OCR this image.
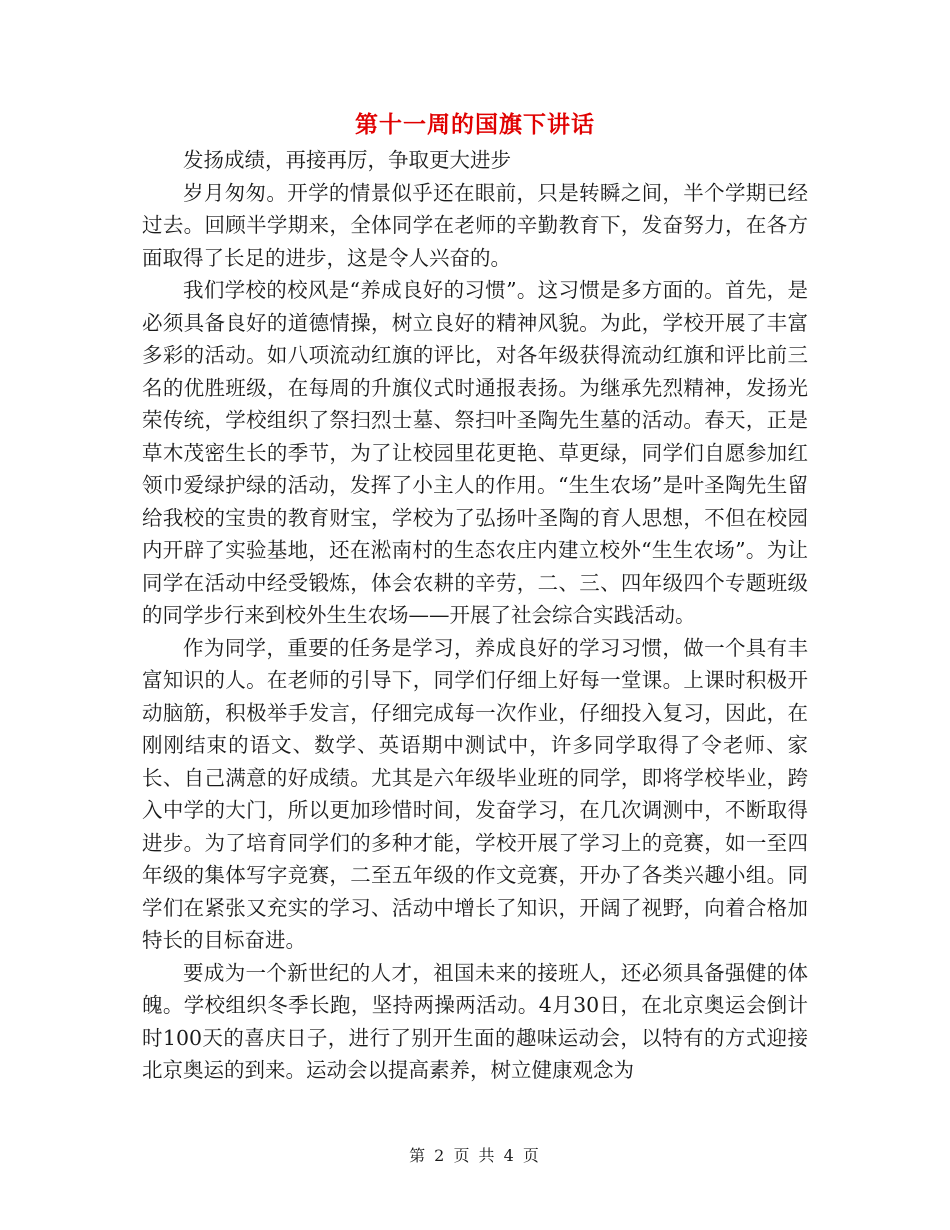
第十一周的国旗下讲话

发扬成绩，再接再厉，争取更大进步

岁月匆匆。开学的情景似乎还在眼前，只是转瞬之间，半个学期已经过去。回顾半学期来，全体同学在老师的辛勤教育下，发奋努力，在各方面取得了长足的进步，这是令人兴奋的。

我们学校的校风是“养成良好的习惯”。这习惯是多方面的。首先，是必须具备良好的道德情操，树立良好的精神风貌。为此，学校开展了丰富多彩的活动。如八项流动红旗的评比，对各年级获得流动红旗和评比前三名的优胜班级，在每周的升旗仪式时通报表扬。为继承先烈精神，发扬光荣传统，学校组织了祭扫烈士墓、祭扫叶圣陶先生墓的活动。春天，正是草木茂密生长的季节，为了让校园里花更艳、草更绿，同学们自愿参加红领巾爱绿护绿的活动，发挥了小主人的作用。“生生农场”是叶圣陶先生留给我校的宝贵的教育财宝，学校为了弘扬叶圣陶的育人思想，不但在校园内开辟了实验基地，还在淞南村的生态农庄内建立校外“生生农场”。为让同学在活动中经受锻炼，体会农耕的辛劳，二、三、四年级四个专题班级的同学步行来到校外生生农场——开展了社会综合实践活动。

作为同学，重要的任务是学习，养成良好的学习习惯，做一个具有丰富知识的人。在老师的引导下，同学们仔细上好每一堂课。上课时积极开动脑筋，积极举手发言，仔细完成每一次作业，仔细投入复习，因此，在刚刚结束的语文、数学、英语期中测试中，许多同学取得了令老师、家长、自己满意的好成绩。尤其是六年级毕业班的同学，即将学校毕业，跨入中学的大门，所以更加珍惜时间，发奋学习，在几次调测中，不断取得进步。为了培育同学们的多种才能，学校开展了学习上的竞赛，如一至四年级的集体写字竞赛，二至五年级的作文竞赛，开办了各类兴趣小组。同学们在紧张又充实的学习、活动中增长了知识，开阔了视野，向着合格加特长的目标奋进。

要成为一个新世纪的人才，祖国未来的接班人，还必须具备强健的体魄。学校组织冬季长跑，坚持两操两活动。4月30日，在北京奥运会倒计时100天的喜庆日子，进行了别开生面的趣味运动会，以特有的方式迎接北京奥运的到来。运动会以提高素养，树立健康观念为

第 2 页 共 4 页
